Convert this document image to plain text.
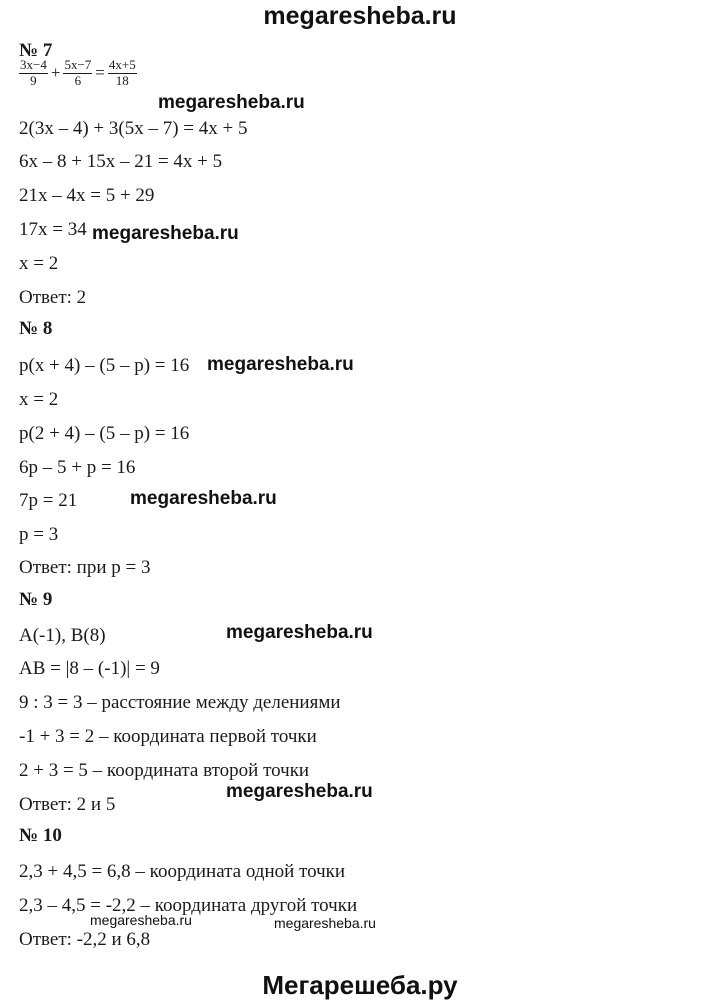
megaresheba.ru
№ 7
$\frac{3x-4}{9} + \frac{5x-7}{6} = \frac{4x+5}{18}$
megaresheba.ru
2(3x – 4) + 3(5x – 7) = 4x + 5
6x – 8 + 15x – 21 = 4x + 5
21x – 4x = 5 + 29
17x = 34 megaresheba.ru
x = 2
Ответ: 2
№ 8
p(x + 4) – (5 – p) = 16 megaresheba.ru
x = 2
p(2 + 4) – (5 – p) = 16
6p – 5 + p = 16
7p = 21	megaresheba.ru
p = 3
Ответ: при p = 3
№ 9
A(-1), B(8)	megaresheba.ru
AB = |8 – (-1)| = 9
9 : 3 = 3 – расстояние между делениями
-1 + 3 = 2 – координата первой точки
2 + 3 = 5 – координата второй точки
megaresheba.ru
Ответ: 2 и 5
№ 10
2,3 + 4,5 = 6,8 – координата одной точки
2,3 – 4,5 = -2,2 – координата другой точки
megaresheba.ru	megaresheba.ru
Ответ: -2,2 и 6,8
Мегарешеба.ру
